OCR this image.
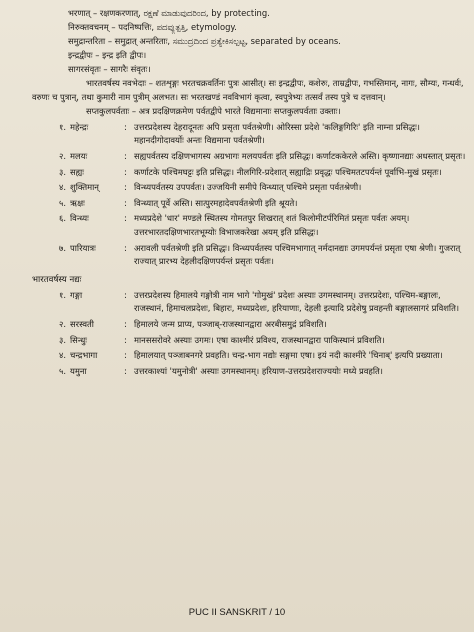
भरणात् – रक्षणकरणात्, ರಕ್ಷಣೆ ಮಾಡುವುದರಿಂದ, by protecting.
निरुक्तवचनम् – पदनिष्पत्तिः, ಪದವ್ಯುತ್ಪತ್ತಿ, etymology.
समुद्रान्तरिता – समुद्रात् अन्तरिताः, ಸಮುದ್ರದಿಂದ ಪ್ರತ್ಯೇಕಿಸಲ್ಪಟ್ಟ, separated by oceans.
इन्द्रद्वीपः – इन्द्र इति द्वीपः।
सागरसंवृतः – सागरैः संवृतः।

भारतवर्षस्य नवभेदाः – शतशृङ्गः भरतचक्रवर्तिनः पुत्रः आसीत्। सः इन्द्रद्वीपः, कशेरुः, ताम्रद्वीपः, गभस्तिमान्, नागः, सौम्यः, गन्धर्वः, वरुणः च पुत्रान्, तथा कुमारी नाम पुत्रीम् अलभत। सः भरतखण्डं नवविभागं कृत्वा, स्वपुत्रेभ्यः तत्सर्वं तस्य पुत्रे च दत्तवान्।

सप्तकुलपर्वताः – अत्र प्रदक्षिणक्रमेण पर्वतद्वीपे भारते विद्यमानाः सप्तकुलपर्वताः उक्ताः।

१. महेन्द्रः	: उत्तरप्रदेशस्य देहरादूनतः अपि प्रसृता पर्वतश्रेणी। ओरिस्सा प्रदेशे 'कलिङ्गगिरिः' इति नाम्ना प्रसिद्धः। महानदीगोदावर्योः अन्तः विद्यमाना पर्वतश्रेणी।
२. मलयः	: सह्यपर्वतस्य दक्षिणभागस्य अग्रभागः मलयपर्वतः इति प्रसिद्धः। कर्णाटककेरले अस्ति। कृष्णानद्याः अधस्तात् प्रसृतः।
३. सह्यः	: कर्णाटके पश्चिमघट्टः इति प्रसिद्धः। नीलगिरि-प्रदेशात् सह्याद्रिः प्रवृद्धः पश्चिमतटपर्यन्तं पूर्वाभि-मुखं प्रसृतः।
४. शुक्तिमान्	: विन्ध्यपर्वतस्य उपपर्वतः। उज्जयिनी समीपे विन्ध्यात् पश्चिमे प्रसृता पर्वतश्रेणी।
५. ऋक्षः	: विन्ध्यात् पूर्वे अस्ति। सात्पुरमहादेवपर्वतश्रेणी इति श्रूयते।
६. विन्ध्यः	: मध्यप्रदेशे 'धार' मण्डले स्थितस्य गोमतपुर शिखरात् शतं किलोमीटर्परिमितं प्रसृतः पर्वतः अयम्। उत्तरभारतदक्षिणभारतभूम्योः विभाजकरेखा अयम् इति प्रसिद्धः।
७. पारियात्रः	: अरावली पर्वतश्रेणी इति प्रसिद्धः। विन्ध्यपर्वतस्य पश्चिमभागात् नर्मदानद्याः उगमपर्यन्तं प्रसृता एषा श्रेणी। गुजरात् राज्यात् प्रारभ्य देहलीदक्षिणपर्यन्तं प्रसृतः पर्वतः।
भारतवर्षस्य नद्यः
१. गङ्गा	: उत्तरप्रदेशस्य हिमालये गङ्गोत्री नाम भागे 'गोमुखं' प्रदेशः अस्याः उगमस्थानम्। उत्तरप्रदेशः, पश्चिम-बङ्गालः, राजस्थानं, हिमाचलप्रदेशः, बिहारः, मध्यप्रदेशः, हरियाणाः, देहली इत्यादि प्रदेशेषु प्रवहन्ती बङ्गालसागरं प्रविशति।
२. सरस्वती	: हिमालये जन्म प्राप्य, पञ्जाब्-राजस्थानद्वारा अरबीसमुद्रं प्रविशति।
३. सिन्धुः	: मानससरोवरे अस्याः उगमः। एषा काश्मीरं प्रविश्य, राजस्थानद्वारा पाकिस्थानं प्रविशति।
४. चन्द्रभागा	: हिमालयात् पञ्जाबनगरे प्रवहति। चन्द्र-भाग नद्योः सङ्गमा एषा। इयं नदी काश्मीरे 'चिनाब्' इत्यपि प्रख्याता।
५. यमुना	: उत्तरकाश्यां 'यमुनोत्री' अस्याः उगमस्थानम्। हरियाण-उत्तरप्रदेशराज्ययोः मध्ये प्रवहति।
PUC II SANSKRIT / 10
